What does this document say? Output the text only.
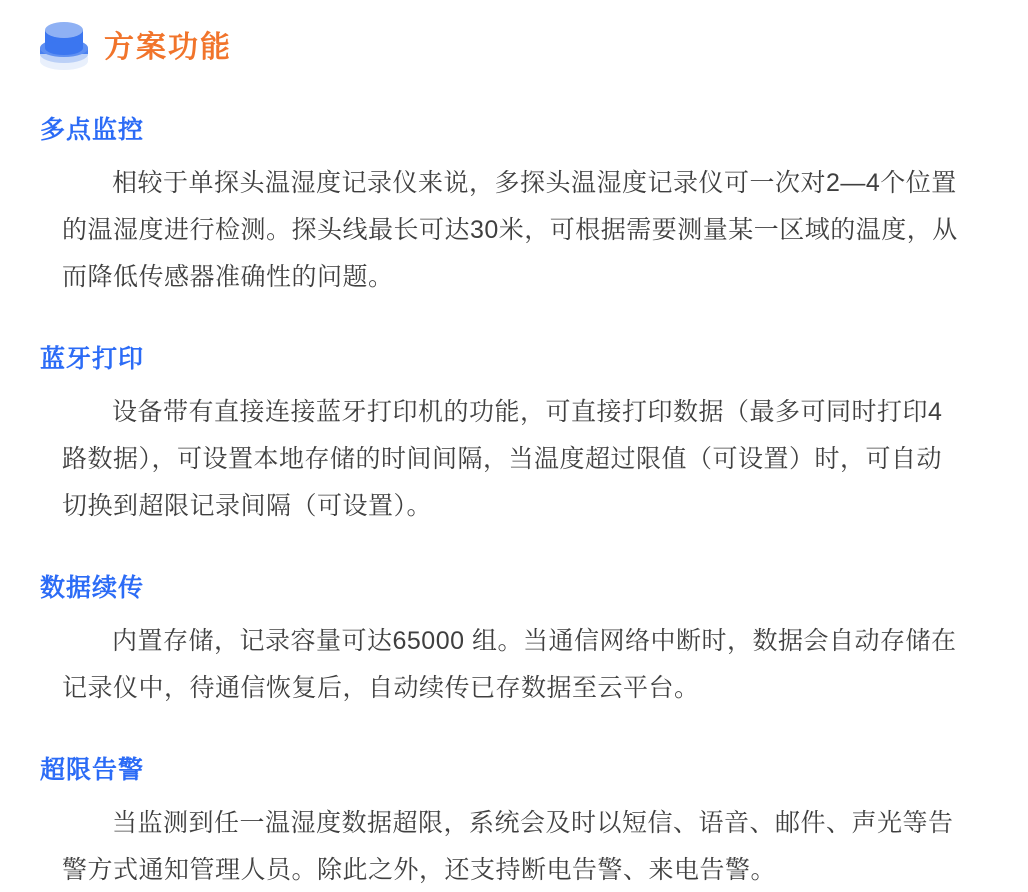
方案功能
多点监控

相较于单探头温湿度记录仪来说，多探头温湿度记录仪可一次对2—4个位置的温湿度进行检测。探头线最长可达30米，可根据需要测量某一区域的温度，从而降低传感器准确性的问题。

蓝牙打印

设备带有直接连接蓝牙打印机的功能，可直接打印数据（最多可同时打印4路数据），可设置本地存储的时间间隔，当温度超过限值（可设置）时，可自动切换到超限记录间隔（可设置）。

数据续传

内置存储，记录容量可达65000 组。当通信网络中断时，数据会自动存储在记录仪中，待通信恢复后，自动续传已存数据至云平台。

超限告警

当监测到任一温湿度数据超限，系统会及时以短信、语音、邮件、声光等告警方式通知管理人员。除此之外，还支持断电告警、来电告警。
